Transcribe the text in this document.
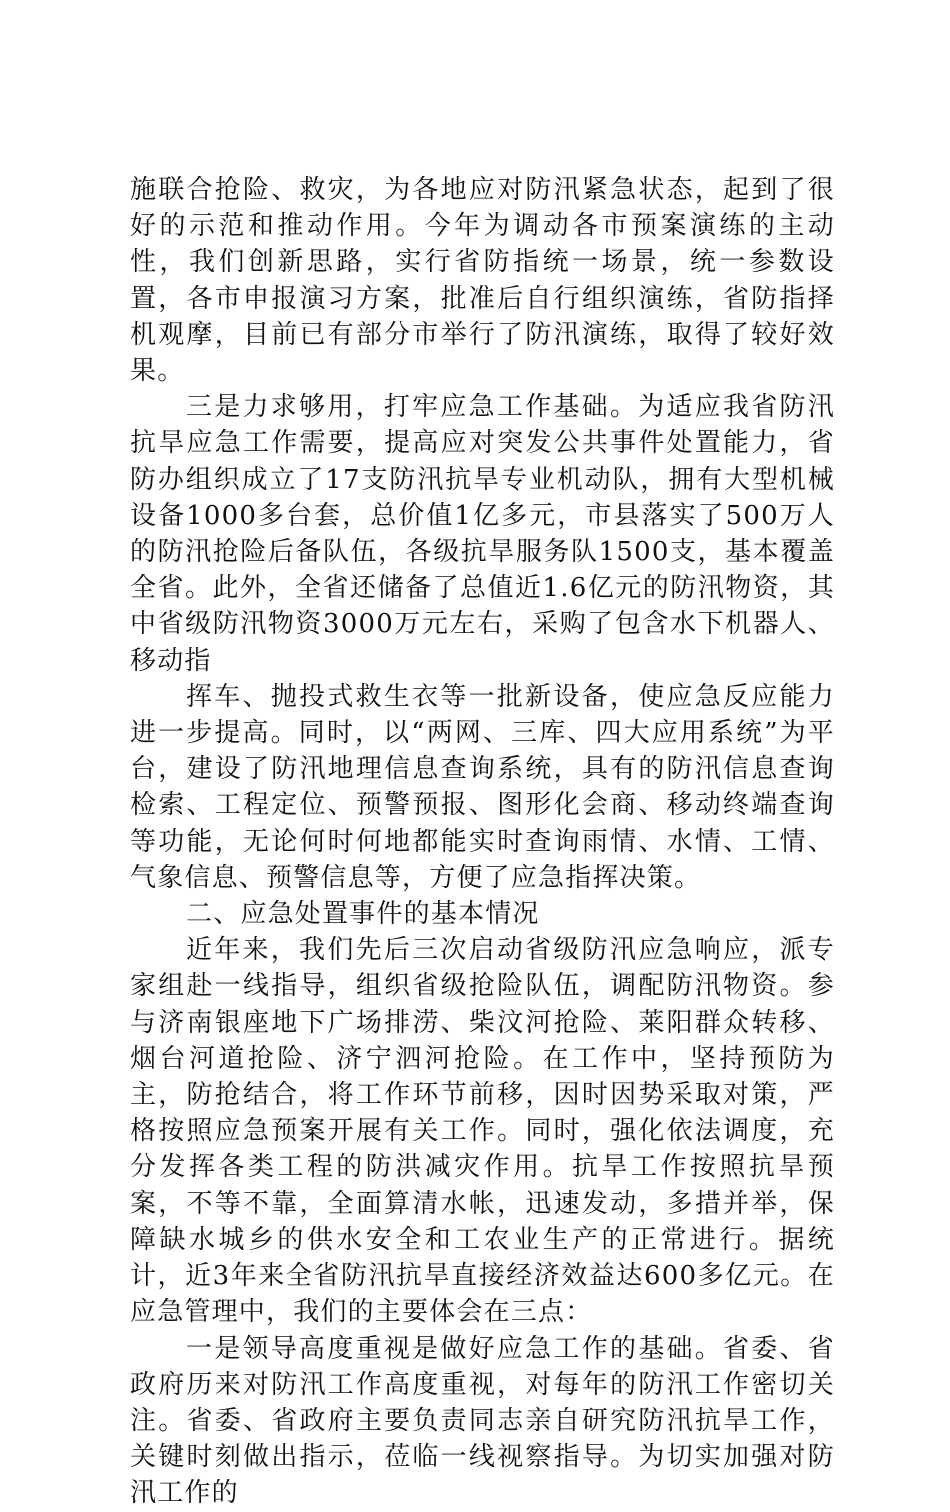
施联合抢险、救灾，为各地应对防汛紧急状态，起到了很好的示范和推动作用。今年为调动各市预案演练的主动性，我们创新思路，实行省防指统一场景，统一参数设置，各市申报演习方案，批准后自行组织演练，省防指择机观摩，目前已有部分市举行了防汛演练，取得了较好效果。

三是力求够用，打牢应急工作基础。为适应我省防汛抗旱应急工作需要，提高应对突发公共事件处置能力，省防办组织成立了17支防汛抗旱专业机动队，拥有大型机械设备1000多台套，总价值1亿多元，市县落实了500万人的防汛抢险后备队伍，各级抗旱服务队1500支，基本覆盖全省。此外，全省还储备了总值近1.6亿元的防汛物资，其中省级防汛物资3000万元左右，采购了包含水下机器人、移动指

挥车、抛投式救生衣等一批新设备，使应急反应能力进一步提高。同时，以“两网、三库、四大应用系统”为平台，建设了防汛地理信息查询系统，具有的防汛信息查询检索、工程定位、预警预报、图形化会商、移动终端查询等功能，无论何时何地都能实时查询雨情、水情、工情、气象信息、预警信息等，方便了应急指挥决策。

二、应急处置事件的基本情况

近年来，我们先后三次启动省级防汛应急响应，派专家组赴一线指导，组织省级抢险队伍，调配防汛物资。参与济南银座地下广场排涝、柴汶河抢险、莱阳群众转移、烟台河道抢险、济宁泗河抢险。在工作中，坚持预防为主，防抢结合，将工作环节前移，因时因势采取对策，严格按照应急预案开展有关工作。同时，强化依法调度，充分发挥各类工程的防洪减灾作用。抗旱工作按照抗旱预案，不等不靠，全面算清水帐，迅速发动，多措并举，保障缺水城乡的供水安全和工农业生产的正常进行。据统计，近3年来全省防汛抗旱直接经济效益达600多亿元。在应急管理中，我们的主要体会在三点：

一是领导高度重视是做好应急工作的基础。省委、省政府历来对防汛工作高度重视，对每年的防汛工作密切关注。省委、省政府主要负责同志亲自研究防汛抗旱工作，关键时刻做出指示，莅临一线视察指导。为切实加强对防汛工作的
